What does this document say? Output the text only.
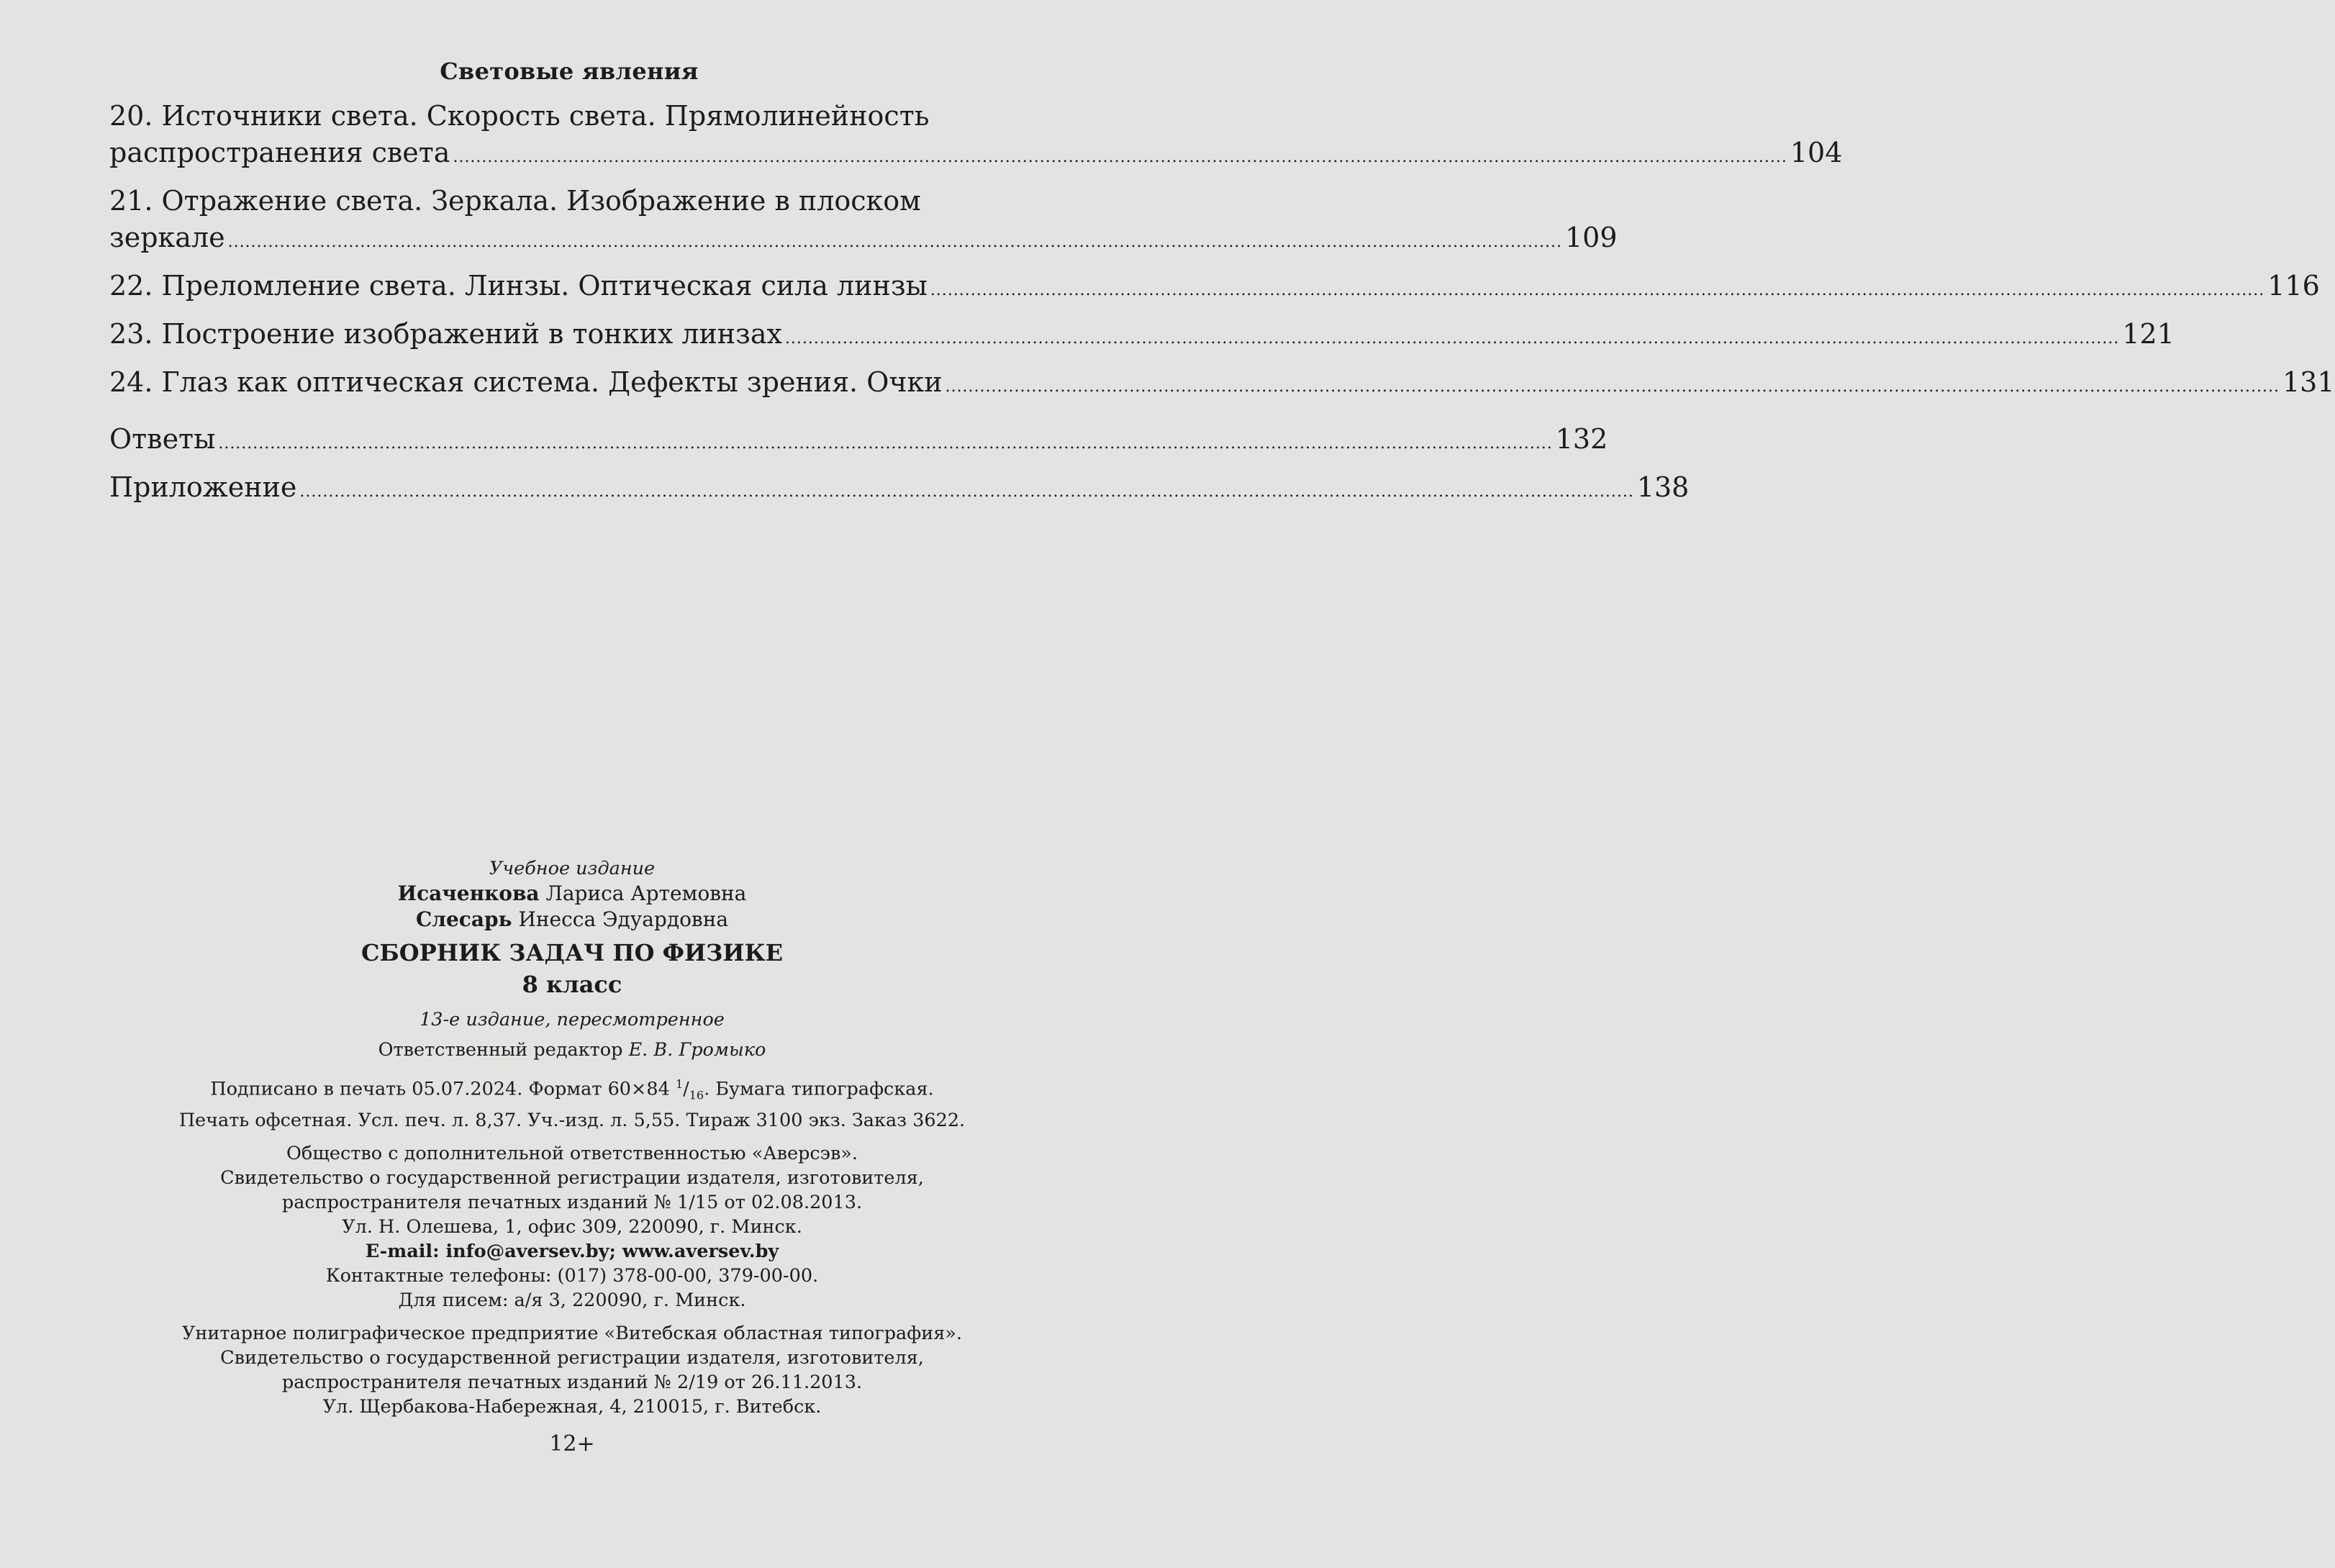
Световые явления
20. Источники света. Скорость света. Прямолинейность
распространения света ........................................................................................................................................................................................................................................ 104
21. Отражение света. Зеркала. Изображение в плоском
зеркале ........................................................................................................................................................................................................................................ 109
22. Преломление света. Линзы. Оптическая сила линзы ........................................................................................................................................................................................................................................ 116
23. Построение изображений в тонких линзах ........................................................................................................................................................................................................................................ 121
24. Глаз как оптическая система. Дефекты зрения. Очки ........................................................................................................................................................................................................................................ 131
Ответы ........................................................................................................................................................................................................................................ 132
Приложение ........................................................................................................................................................................................................................................ 138
Учебное издание
Исаченкова Лариса Артемовна
Слесарь Инесса Эдуардовна
СБОРНИК ЗАДАЧ ПО ФИЗИКЕ
8 класс
13-е издание, пересмотренное
Ответственный редактор Е. В. Громыко
Подписано в печать 05.07.2024. Формат 60×84 $^1/_{16}$. Бумага типографская.
Печать офсетная. Усл. печ. л. 8,37. Уч.-изд. л. 5,55. Тираж 3100 экз. Заказ 3622.
Общество с дополнительной ответственностью «Аверсэв».
Свидетельство о государственной регистрации издателя, изготовителя,
распространителя печатных изданий № 1/15 от 02.08.2013.
Ул. Н. Олешева, 1, офис 309, 220090, г. Минск.
E-mail: info@aversev.by; www.aversev.by
Контактные телефоны: (017) 378-00-00, 379-00-00.
Для писем: а/я 3, 220090, г. Минск.
Унитарное полиграфическое предприятие «Витебская областная типография».
Свидетельство о государственной регистрации издателя, изготовителя,
распространителя печатных изданий № 2/19 от 26.11.2013.
Ул. Щербакова-Набережная, 4, 210015, г. Витебск.
12+
